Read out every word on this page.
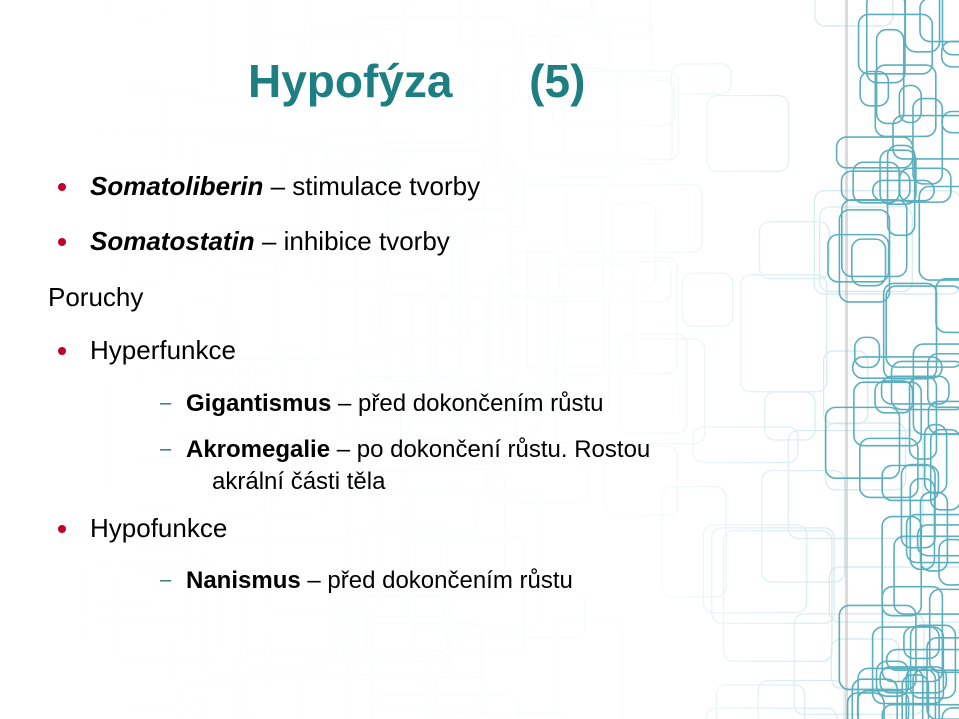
Hypofýza      (5)
Somatoliberin – stimulace tvorby
Somatostatin – inhibice tvorby
Poruchy
Hyperfunkce
– Gigantismus – před dokončením růstu
– Akromegalie – po dokončení růstu. Rostou
akrální části těla
Hypofunkce
– Nanismus – před dokončením růstu
